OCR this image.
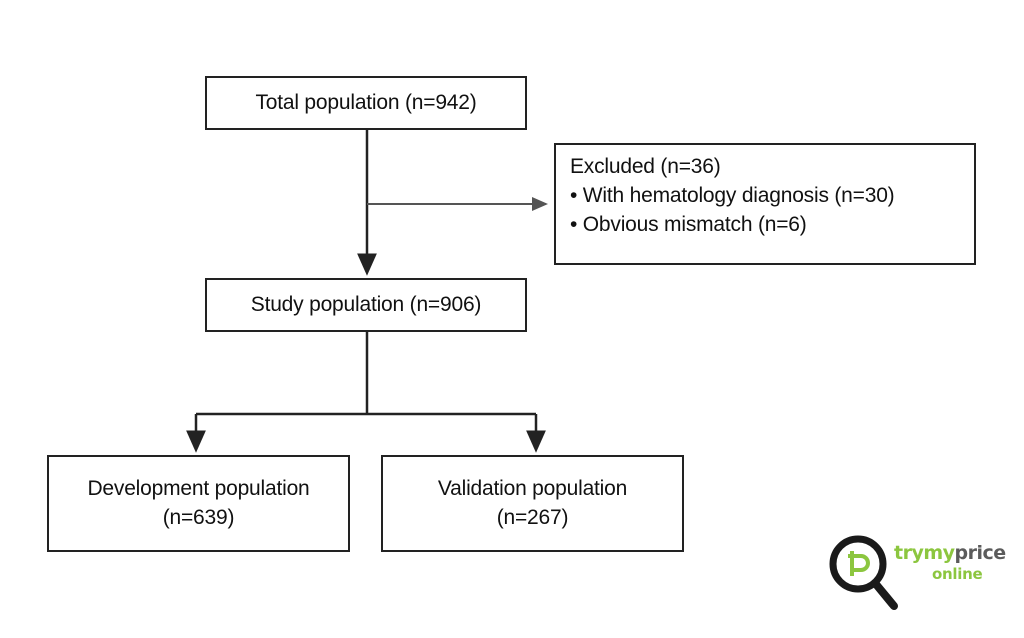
Total population (n=942)
Excluded (n=36)
• With hematology diagnosis (n=30)
• Obvious mismatch (n=6)
Study population (n=906)
Development population
(n=639)
Validation population
(n=267)
trymyprice
online
